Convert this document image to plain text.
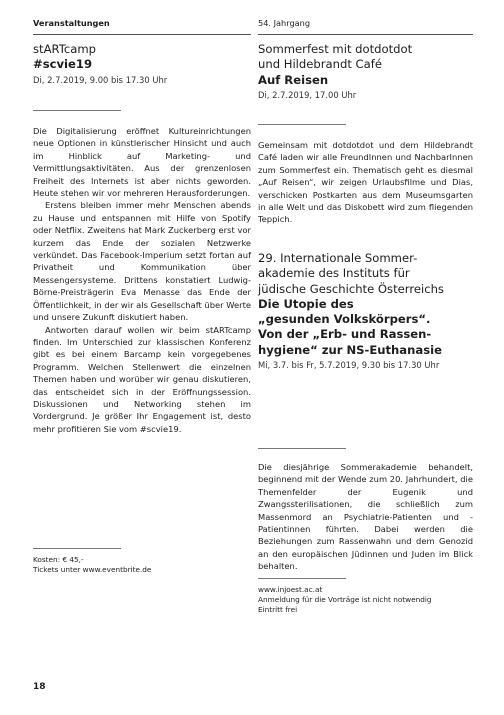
Veranstaltungen
stARTcamp
#scvie19
Di, 2.7.2019, 9.00 bis 17.30 Uhr

Die Digitalisierung eröffnet Kultureinrichtungen neue Optionen in künstlerischer Hinsicht und auch im Hinblick auf Marketing- und Vermittlungsaktivitäten. Aus der grenzenlosen Freiheit des Internets ist aber nichts geworden. Heute stehen wir vor mehreren Herausforderungen.

Erstens bleiben immer mehr Menschen abends zu Hause und entspannen mit Hilfe von Spotify oder Netflix. Zweitens hat Mark Zuckerberg erst vor kurzem das Ende der sozialen Netzwerke verkündet. Das Facebook-Imperium setzt fortan auf Privatheit und Kommunikation über Messengersysteme. Drittens konstatiert Ludwig-Börne-Preisträgerin Eva Menasse das Ende der Öffentlichkeit, in der wir als Gesellschaft über Werte und unsere Zukunft diskutiert haben.

Antworten darauf wollen wir beim stARTcamp finden. Im Unterschied zur klassischen Konferenz gibt es bei einem Barcamp kein vorgegebenes Programm. Welchen Stellenwert die einzelnen Themen haben und worüber wir genau diskutieren, das entscheidet sich in der Eröffnungssession. Diskussionen und Networking stehen im Vordergrund. Je größer Ihr Engagement ist, desto mehr profitieren Sie vom #scvie19.

Kosten: € 45,-
Tickets unter www.eventbrite.de
54. Jahrgang
Sommerfest mit dotdotdot
und Hildebrandt Café
Auf Reisen
Di, 2.7.2019, 17.00 Uhr

Gemeinsam mit dotdotdot und dem Hildebrandt Café laden wir alle FreundInnen und NachbarInnen zum Sommerfest ein. Thematisch geht es diesmal „Auf Reisen“, wir zeigen Urlaubsfilme und Dias, verschicken Postkarten aus dem Museumsgarten in alle Welt und das Diskobett wird zum fliegenden Teppich.

29. Internationale Sommer-
akademie des Instituts für
jüdische Geschichte Österreichs
Die Utopie des
„gesunden Volkskörpers“.
Von der „Erb- und Rassen-
hygiene“ zur NS-Euthanasie
Mi, 3.7. bis Fr, 5.7.2019, 9.30 bis 17.30 Uhr

Die diesjährige Sommerakademie behandelt, beginnend mit der Wende zum 20. Jahrhundert, die Themenfelder der Eugenik und Zwangssterilisationen, die schließlich zum Massenmord an Psychiatrie-Patienten und -Patientinnen führten. Dabei werden die Beziehungen zum Rassenwahn und dem Genozid an den europäischen Jüdinnen und Juden im Blick behalten.

www.injoest.ac.at
Anmeldung für die Vorträge ist nicht notwendig
Eintritt frei
18
